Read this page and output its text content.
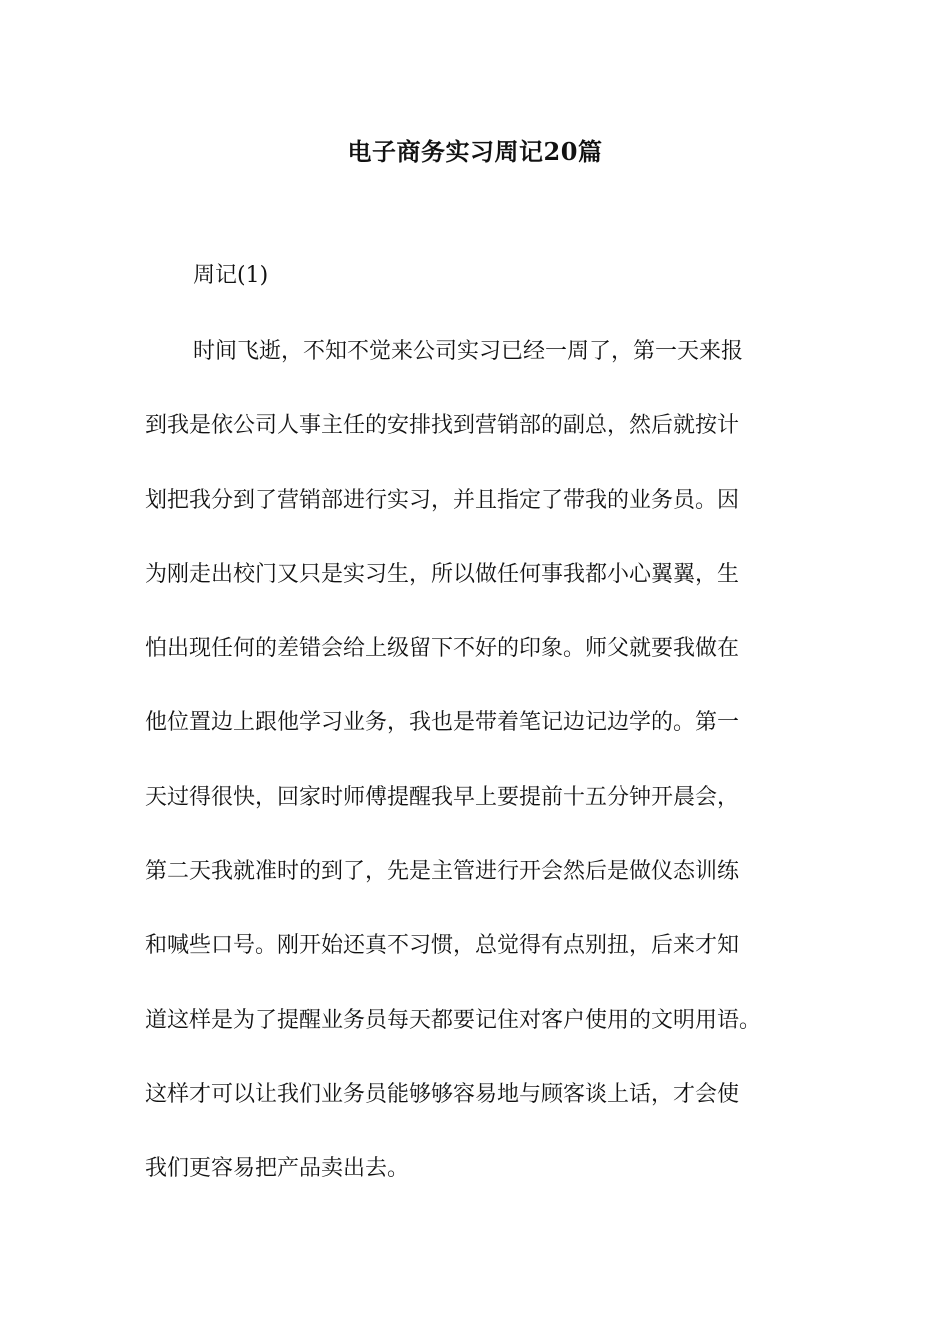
电子商务实习周记20篇
周记(1)
时间飞逝，不知不觉来公司实习已经一周了，第一天来报
到我是依公司人事主任的安排找到营销部的副总，然后就按计
划把我分到了营销部进行实习，并且指定了带我的业务员。因
为刚走出校门又只是实习生，所以做任何事我都小心翼翼，生
怕出现任何的差错会给上级留下不好的印象。师父就要我做在
他位置边上跟他学习业务，我也是带着笔记边记边学的。第一
天过得很快，回家时师傅提醒我早上要提前十五分钟开晨会，
第二天我就准时的到了，先是主管进行开会然后是做仪态训练
和喊些口号。刚开始还真不习惯，总觉得有点别扭，后来才知
道这样是为了提醒业务员每天都要记住对客户使用的文明用语。
这样才可以让我们业务员能够够容易地与顾客谈上话，才会使
我们更容易把产品卖出去。
